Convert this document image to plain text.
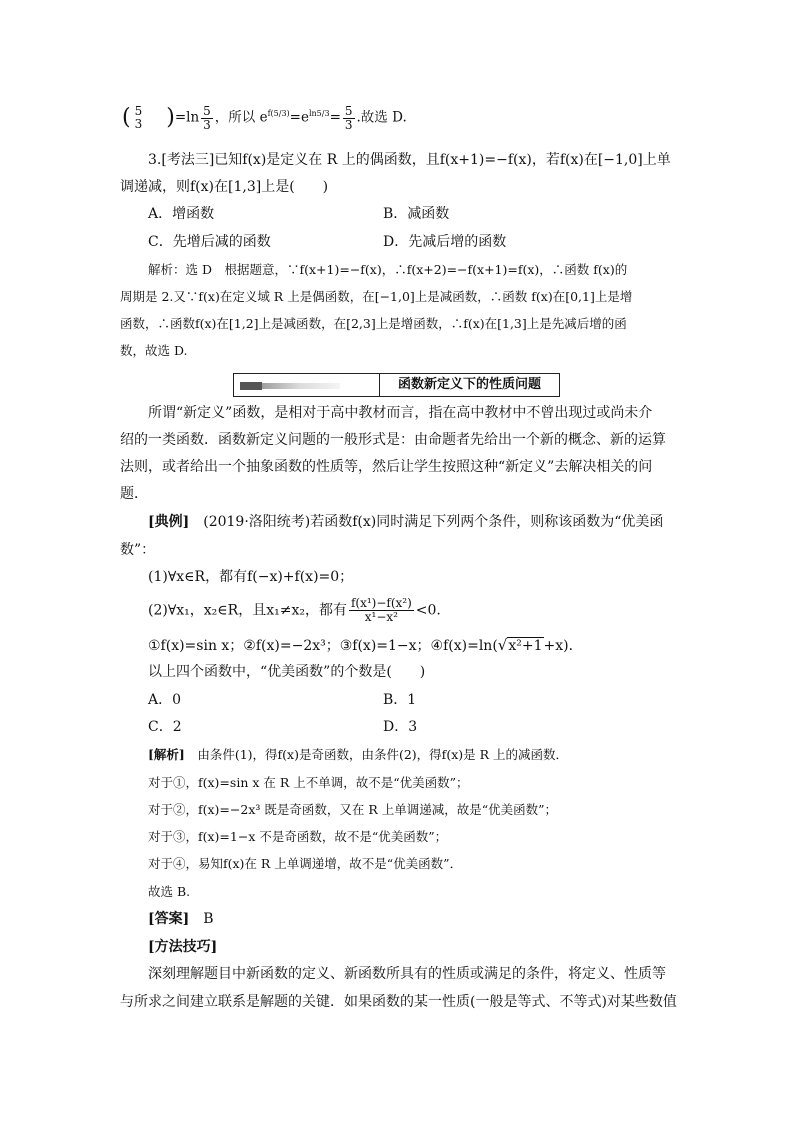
( 5
3 )$=\ln \frac{5}{3}$ ，所以 $e^{f(5/3)}=e^{ln5/3}= \frac{5}{3}$ .故选 D.
3.[考法三]已知f(x)是定义在 R 上的偶函数，且f(x+1)=−f(x)，若f(x)在[−1,0]上单
调递减，则f(x)在[1,3]上是(　　)
A．增函数	B．减函数
C．先增后减的函数	D．先减后增的函数
解析：选 D　根据题意，∵f(x+1)=−f(x)，∴f(x+2)=−f(x+1)=f(x)，∴函数 f(x)的
周期是 2.又∵f(x)在定义域 R 上是偶函数，在[−1,0]上是减函数，∴函数 f(x)在[0,1]上是增
函数，∴函数f(x)在[1,2]上是减函数，在[2,3]上是增函数，∴f(x)在[1,3]上是先减后增的函
数，故选 D.
函数新定义下的性质问题
所谓“新定义”函数，是相对于高中教材而言，指在高中教材中不曾出现过或尚未介
绍的一类函数．函数新定义问题的一般形式是：由命题者先给出一个新的概念、新的运算
法则，或者给出一个抽象函数的性质等，然后让学生按照这种“新定义”去解决相关的问
题．
[典例]　(2019·洛阳统考)若函数f(x)同时满足下列两个条件，则称该函数为“优美函
数”：
(1)∀x∈R，都有f(−x)+f(x)=0；
(2)∀x₁，x₂∈R，且x₁≠x₂，都有 $\frac{\text{f(x¹)−f(x²)}}{\text{x¹−x²}} <0$.
①f(x)=sin x；②f(x)=−2x³；③f(x)=1−x；④f(x)=ln(√x²+1+x)．
以上四个函数中，“优美函数”的个数是(　　)
A．0	B．1
C．2	D．3
[解析]　由条件(1)，得f(x)是奇函数，由条件(2)，得f(x)是 R 上的减函数．
对于①，f(x)=sin x 在 R 上不单调，故不是“优美函数”；
对于②，f(x)=−2x³ 既是奇函数，又在 R 上单调递减，故是“优美函数”；
对于③，f(x)=1−x 不是奇函数，故不是“优美函数”；
对于④，易知f(x)在 R 上单调递增，故不是“优美函数”．
故选 B.
[答案]　B
[方法技巧]
深刻理解题目中新函数的定义、新函数所具有的性质或满足的条件，将定义、性质等
与所求之间建立联系是解题的关键．如果函数的某一性质(一般是等式、不等式)对某些数值
